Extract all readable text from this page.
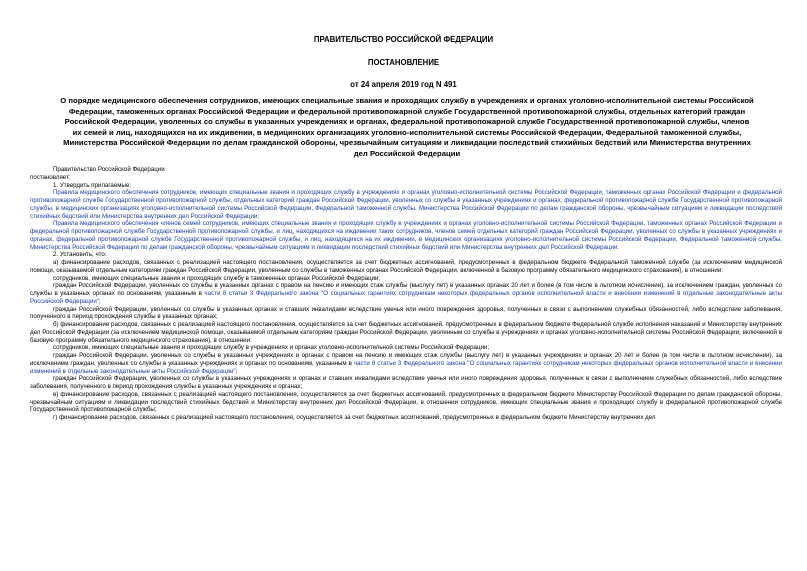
ПРАВИТЕЛЬСТВО РОССИЙСКОЙ ФЕДЕРАЦИИ
ПОСТАНОВЛЕНИЕ
от 24 апреля 2019 год N 491
О порядке медицинского обеспечения сотрудников, имеющих специальные звания и проходящих службу в учреждениях и органах уголовно-исполнительной системы Российской Федерации, таможенных органах Российской Федерации и федеральной противопожарной службе Государственной противопожарной службы, отдельных категорий граждан Российской Федерации, уволенных со службы в указанных учреждениях и органах, федеральной противопожарной службе Государственной противопожарной службы, членов их семей и лиц, находящихся на их иждивении, в медицинских организациях уголовно-исполнительной системы Российской Федерации, Федеральной таможенной службы, Министерства Российской Федерации по делам гражданской обороны, чрезвычайным ситуациям и ликвидации последствий стихийных бедствий или Министерства внутренних дел Российской Федерации

Правительство Российской Федерации

постановляет:

1. Утвердить прилагаемые:

Правила медицинского обеспечения сотрудников, имеющих специальные звания и проходящих службу в учреждениях и органах уголовно-исполнительной системы Российской Федерации, таможенных органах Российской Федерации и федеральной противопожарной службе Государственной противопожарной службы, отдельных категорий граждан Российской Федерации, уволенных со службы в указанных учреждениях и органах, федеральной противопожарной службе Государственной противопожарной службы, в медицинских организациях уголовно-исполнительной системы Российской Федерации, Федеральной таможенной службы, Министерства Российской Федерации по делам гражданской обороны, чрезвычайным ситуациям и ликвидации последствий стихийных бедствий или Министерства внутренних дел Российской Федерации;

Правила медицинского обеспечения членов семей сотрудников, имеющих специальные звания и проходящих службу в учреждениях и органах уголовно-исполнительной системы Российской Федерации, таможенных органах Российской Федерации и федеральной противопожарной службе Государственной противопожарной службы, и лиц, находящихся на иждивении таких сотрудников, членов семей отдельных категорий граждан Российской Федерации, уволенных со службы в указанных учреждениях и органах, федеральной противопожарной службе Государственной противопожарной службы, и лиц, находящихся на их иждивении, в медицинских организациях уголовно-исполнительной системы Российской Федерации, Федеральной таможенной службы, Министерства Российской Федерации по делам гражданской обороны, чрезвычайным ситуациям и ликвидации последствий стихийных бедствий или Министерства внутренних дел Российской Федерации.

2. Установить, что:

а) финансирование расходов, связанных с реализацией настоящего постановления, осуществляется за счет бюджетных ассигнований, предусмотренных в федеральном бюджете Федеральной таможенной службе (за исключением медицинской помощи, оказываемой отдельным категориям граждан Российской Федерации, уволенным со службы в таможенных органах Российской Федерации, включенной в базовую программу обязательного медицинского страхования), в отношении:

сотрудников, имеющих специальные звания и проходящих службу в таможенных органах Российской Федерации;

граждан Российской Федерации, уволенных со службы в указанных органах с правом на пенсию и имеющих стаж службы (выслугу лет) в указанных органах 20 лет и более (в том числе в льготном исчислении), за исключением граждан, уволенных со службы в указанных органах по основаниям, указанным в части 8 статьи 3 Федерального закона "О социальных гарантиях сотрудникам некоторых федеральных органов исполнительной власти и внесении изменений в отдельные законодательные акты Российской Федерации";

граждан Российской Федерации, уволенных со службы в указанных органах и ставших инвалидами вследствие увечья или иного повреждения здоровья, полученных в связи с выполнением служебных обязанностей, либо вследствие заболевания, полученного в период прохождения службы в указанных органах;

б) финансирование расходов, связанных с реализацией настоящего постановления, осуществляется за счет бюджетных ассигнований, предусмотренных в федеральном бюджете Федеральной службе исполнения наказаний и Министерству внутренних дел Российской Федерации (за исключением медицинской помощи, оказываемой отдельным категориям граждан Российской Федерации, уволенным со службы в учреждениях и органах уголовно-исполнительной системы Российской Федерации, включенной в базовую программу обязательного медицинского страхования), в отношении:

сотрудников, имеющих специальные звания и проходящих службу в учреждениях и органах уголовно-исполнительной системы Российской Федерации;

граждан Российской Федерации, уволенных со службы в указанных учреждениях и органах с правом на пенсию и имеющих стаж службы (выслугу лет) в указанных учреждениях и органах 20 лет и более (в том числе в льготном исчислении), за исключением граждан, уволенных со службы в указанных учреждениях и органах по основаниям, указанным в части 8 статьи 3 Федерального закона "О социальных гарантиях сотрудникам некоторых федеральных органов исполнительной власти и внесении изменений в отдельные законодательные акты Российской Федерации";

граждан Российской Федерации, уволенных со службы в указанных учреждениях и органах и ставших инвалидами вследствие увечья или иного повреждения здоровья, полученных в связи с выполнением служебных обязанностей, либо вследствие заболевания, полученного в период прохождения службы в указанных учреждениях и органах;

в) финансирование расходов, связанных с реализацией настоящего постановления, осуществляется за счет бюджетных ассигнований, предусмотренных в федеральном бюджете Министерству Российской Федерации по делам гражданской обороны, чрезвычайным ситуациям и ликвидации последствий стихийных бедствий и Министерству внутренних дел Российской Федерации, в отношении сотрудников, имеющих специальные звания и проходящих службу в федеральной противопожарной службе Государственной противопожарной службы;

г) финансирование расходов, связанных с реализацией настоящего постановления, осуществляется за счет бюджетных ассигнований, предусмотренных в федеральном бюджете Министерству внутренних дел
